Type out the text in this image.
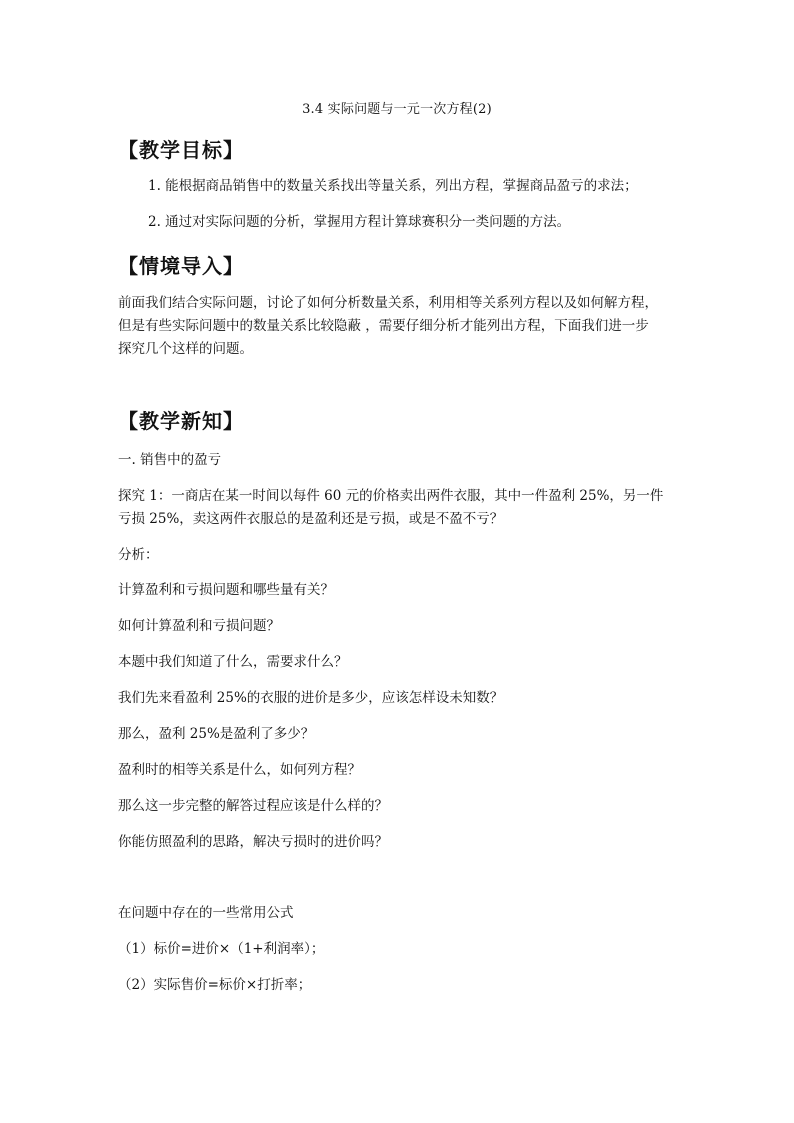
3.4 实际问题与一元一次方程(2)
【教学目标】
1. 能根据商品销售中的数量关系找出等量关系，列出方程，掌握商品盈亏的求法；
2. 通过对实际问题的分析，掌握用方程计算球赛积分一类问题的方法。
【情境导入】
前面我们结合实际问题，讨论了如何分析数量关系，利用相等关系列方程以及如何解方程，
但是有些实际问题中的数量关系比较隐蔽 ，需要仔细分析才能列出方程，下面我们进一步
探究几个这样的问题。
【教学新知】
一. 销售中的盈亏
探究 1：一商店在某一时间以每件 60 元的价格卖出两件衣服，其中一件盈利 25%，另一件
亏损 25%，卖这两件衣服总的是盈利还是亏损，或是不盈不亏？
分析：
计算盈利和亏损问题和哪些量有关？
如何计算盈利和亏损问题？
本题中我们知道了什么，需要求什么？
我们先来看盈利 25%的衣服的进价是多少，应该怎样设未知数？
那么，盈利 25%是盈利了多少？
盈利时的相等关系是什么，如何列方程？
那么这一步完整的解答过程应该是什么样的？
你能仿照盈利的思路，解决亏损时的进价吗？
在问题中存在的一些常用公式
（1）标价=进价×（1+利润率）；
（2）实际售价=标价×打折率；
